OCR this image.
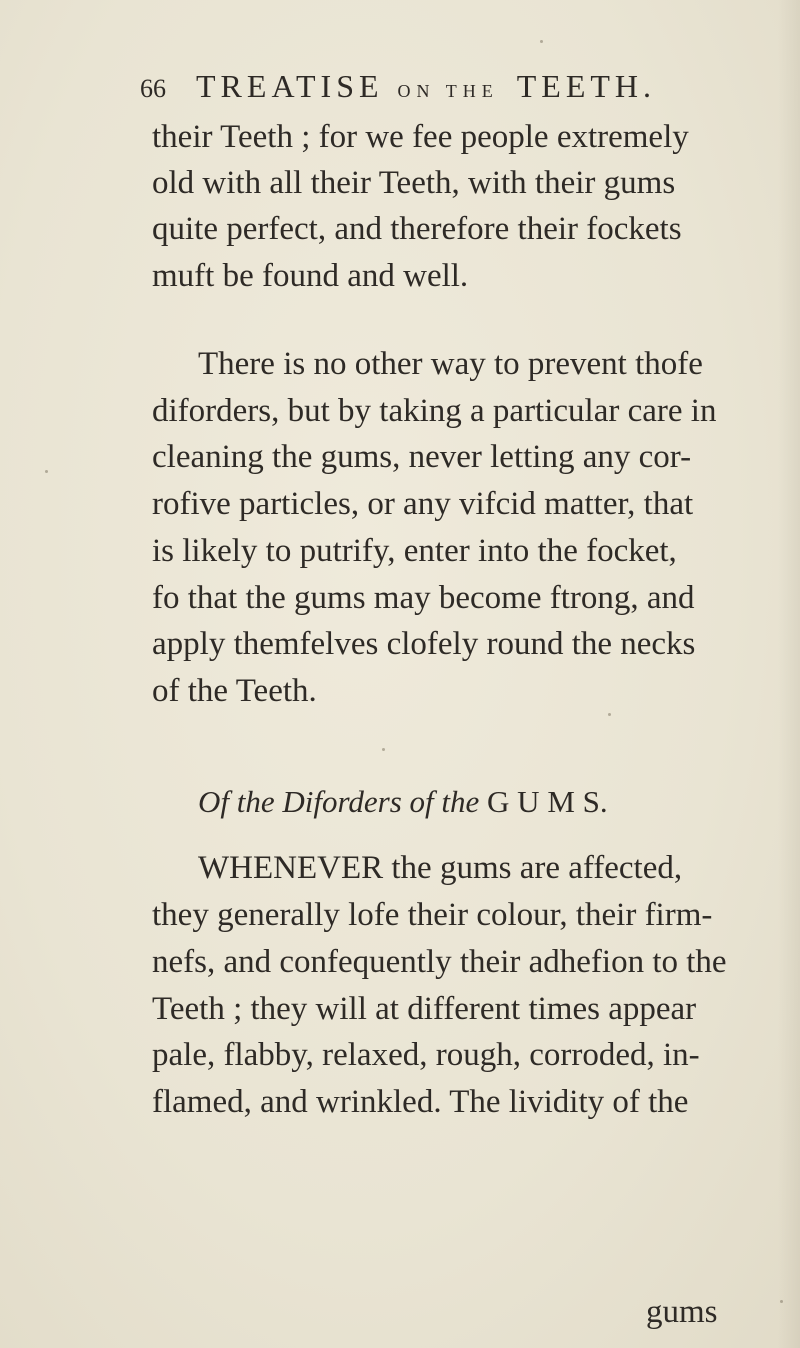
66 TREATISE ON THE TEETH.
their Teeth ; for we fee people extremely
old with all their Teeth, with their gums
quite perfect, and therefore their fockets
muft be found and well.
There is no other way to prevent thofe
diforders, but by taking a particular care in
cleaning the gums, never letting any cor-
rofive particles, or any vifcid matter, that
is likely to putrify, enter into the focket,
fo that the gums may become ftrong, and
apply themfelves clofely round the necks
of the Teeth.
Of the Diforders of the G U M S.
WHENEVER the gums are affected,
they generally lofe their colour, their firm-
nefs, and confequently their adhefion to the
Teeth ; they will at different times appear
pale, flabby, relaxed, rough, corroded, in-
flamed, and wrinkled. The lividity of the
gums
